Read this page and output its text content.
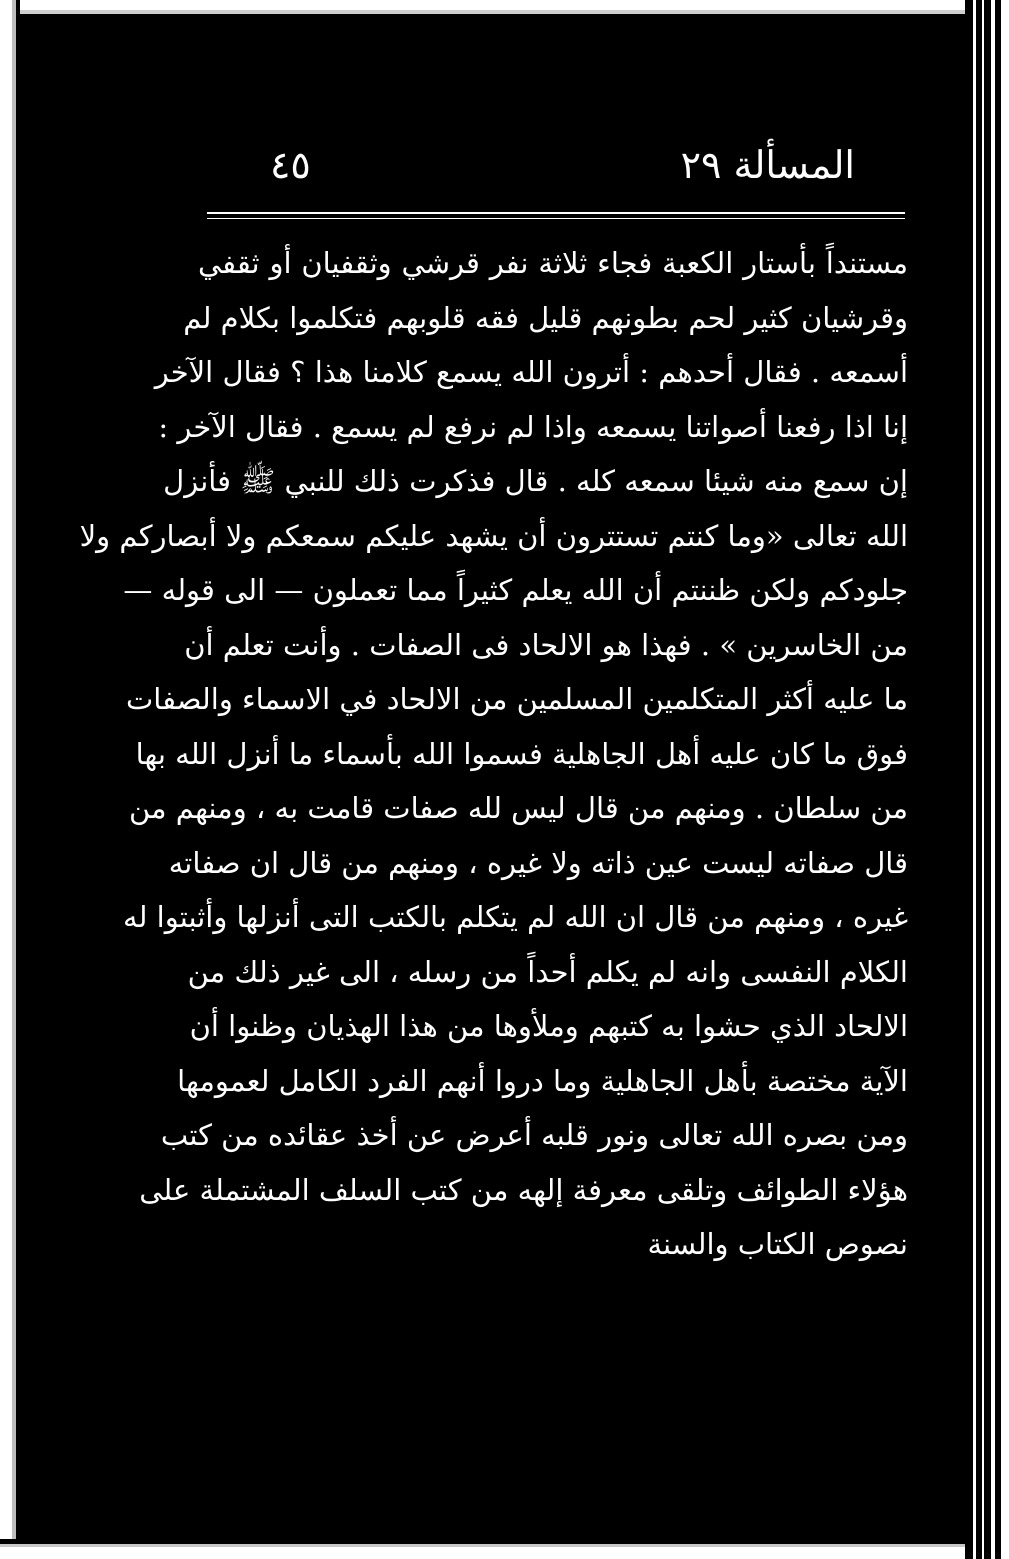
المسألة٢٩
٤٥
مستنداً بأستار الكعبة فجاء ثلاثة نفر قرشي وثقفيان أو ثقفي
وقرشيان كثير لحم بطونهم قليل فقه قلوبهم فتكلموا بكلام لم
أسمعه . فقال أحدهم : أترون الله يسمع كلامنا هذا ؟ فقال الآخر
إنا اذا رفعنا أصواتنا يسمعه واذا لم نرفع لم يسمع . فقال الآخر :
إن سمع منه شيئا سمعه كله . قال فذكرت ذلك للنبي ﷺ فأنزل
الله تعالى «وما كنتم تستترون أن يشهد عليكم سمعكم ولا أبصاركم ولا
جلودكم ولكن ظننتم أن الله يعلم كثيراً مما تعملون — الى قوله —
من الخاسرين » . فهذا هو الالحاد فى الصفات . وأنت تعلم أن
ما عليه أكثر المتكلمين المسلمين من الالحاد في الاسماء والصفات
فوق ما كان عليه أهل الجاهلية فسموا الله بأسماء ما أنزل الله بها
من سلطان . ومنهم من قال ليس لله صفات قامت به ، ومنهم من
قال صفاته ليست عين ذاته ولا غيره ، ومنهم من قال ان صفاته
غيره ، ومنهم من قال ان الله لم يتكلم بالكتب التى أنزلها وأثبتوا له
الكلام النفسى وانه لم يكلم أحداً من رسله ، الى غير ذلك من
الالحاد الذي حشوا به كتبهم وملأوها من هذا الهذيان وظنوا أن
الآية مختصة بأهل الجاهلية وما دروا أنهم الفرد الكامل لعمومها
ومن بصره الله تعالى ونور قلبه أعرض عن أخذ عقائده من كتب
هؤلاء الطوائف وتلقى معرفة إلهه من كتب السلف المشتملة على
نصوص الكتاب والسنة
